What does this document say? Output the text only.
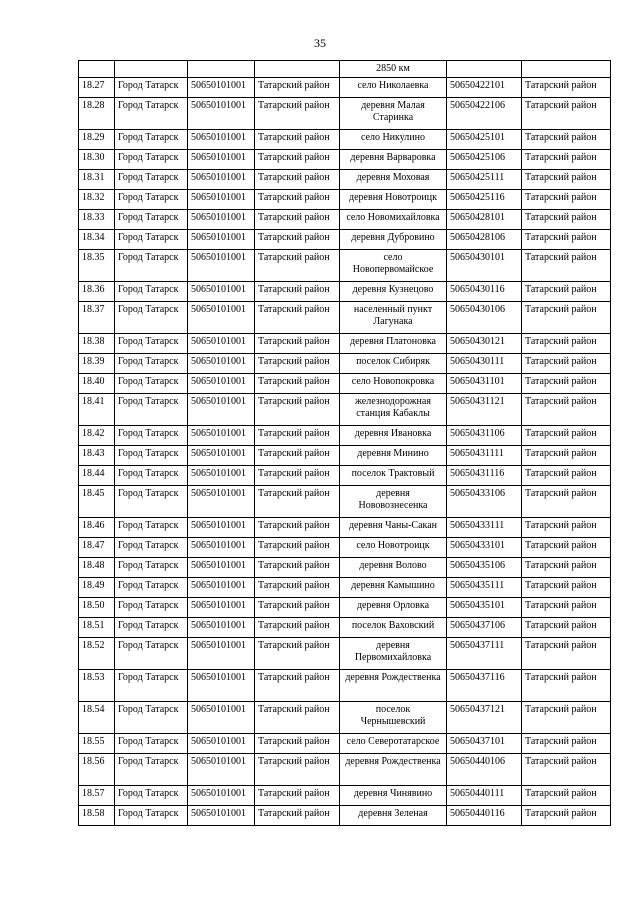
35
				2850 км		
18.27	Город Татарск	50650101001	Татарский район	село Николаевка	50650422101	Татарский район
18.28	Город Татарск	50650101001	Татарский район	деревня Малая Старинка	50650422106	Татарский район
18.29	Город Татарск	50650101001	Татарский район	село Никулино	50650425101	Татарский район
18.30	Город Татарск	50650101001	Татарский район	деревня Варваровка	50650425106	Татарский район
18.31	Город Татарск	50650101001	Татарский район	деревня Моховая	50650425111	Татарский район
18.32	Город Татарск	50650101001	Татарский район	деревня Новотроицк	50650425116	Татарский район
18.33	Город Татарск	50650101001	Татарский район	село Новомихайловка	50650428101	Татарский район
18.34	Город Татарск	50650101001	Татарский район	деревня Дубровино	50650428106	Татарский район
18.35	Город Татарск	50650101001	Татарский район	село Новопервомайское	50650430101	Татарский район
18.36	Город Татарск	50650101001	Татарский район	деревня Кузнецово	50650430116	Татарский район
18.37	Город Татарск	50650101001	Татарский район	населенный пункт Лагунака	50650430106	Татарский район
18.38	Город Татарск	50650101001	Татарский район	деревня Платоновка	50650430121	Татарский район
18.39	Город Татарск	50650101001	Татарский район	поселок Сибиряк	50650430111	Татарский район
18.40	Город Татарск	50650101001	Татарский район	село Новопокровка	50650431101	Татарский район
18.41	Город Татарск	50650101001	Татарский район	железнодорожная станция Кабаклы	50650431121	Татарский район
18.42	Город Татарск	50650101001	Татарский район	деревня Ивановка	50650431106	Татарский район
18.43	Город Татарск	50650101001	Татарский район	деревня Минино	50650431111	Татарский район
18.44	Город Татарск	50650101001	Татарский район	поселок Трактовый	50650431116	Татарский район
18.45	Город Татарск	50650101001	Татарский район	деревня Нововознесенка	50650433106	Татарский район
18.46	Город Татарск	50650101001	Татарский район	деревня Чаны-Сакан	50650433111	Татарский район
18.47	Город Татарск	50650101001	Татарский район	село Новотроицк	50650433101	Татарский район
18.48	Город Татарск	50650101001	Татарский район	деревня Волово	50650435106	Татарский район
18.49	Город Татарск	50650101001	Татарский район	деревня Камышино	50650435111	Татарский район
18.50	Город Татарск	50650101001	Татарский район	деревня Орловка	50650435101	Татарский район
18.51	Город Татарск	50650101001	Татарский район	поселок Ваховский	50650437106	Татарский район
18.52	Город Татарск	50650101001	Татарский район	деревня Первомихайловка	50650437111	Татарский район
18.53	Город Татарск	50650101001	Татарский район	деревня Рождественка	50650437116	Татарский район
18.54	Город Татарск	50650101001	Татарский район	поселок Чернышевский	50650437121	Татарский район
18.55	Город Татарск	50650101001	Татарский район	село Северотатарское	50650437101	Татарский район
18.56	Город Татарск	50650101001	Татарский район	деревня Рождественка	50650440106	Татарский район
18.57	Город Татарск	50650101001	Татарский район	деревня Чинявино	50650440111	Татарский район
18.58	Город Татарск	50650101001	Татарский район	деревня Зеленая	50650440116	Татарский район
